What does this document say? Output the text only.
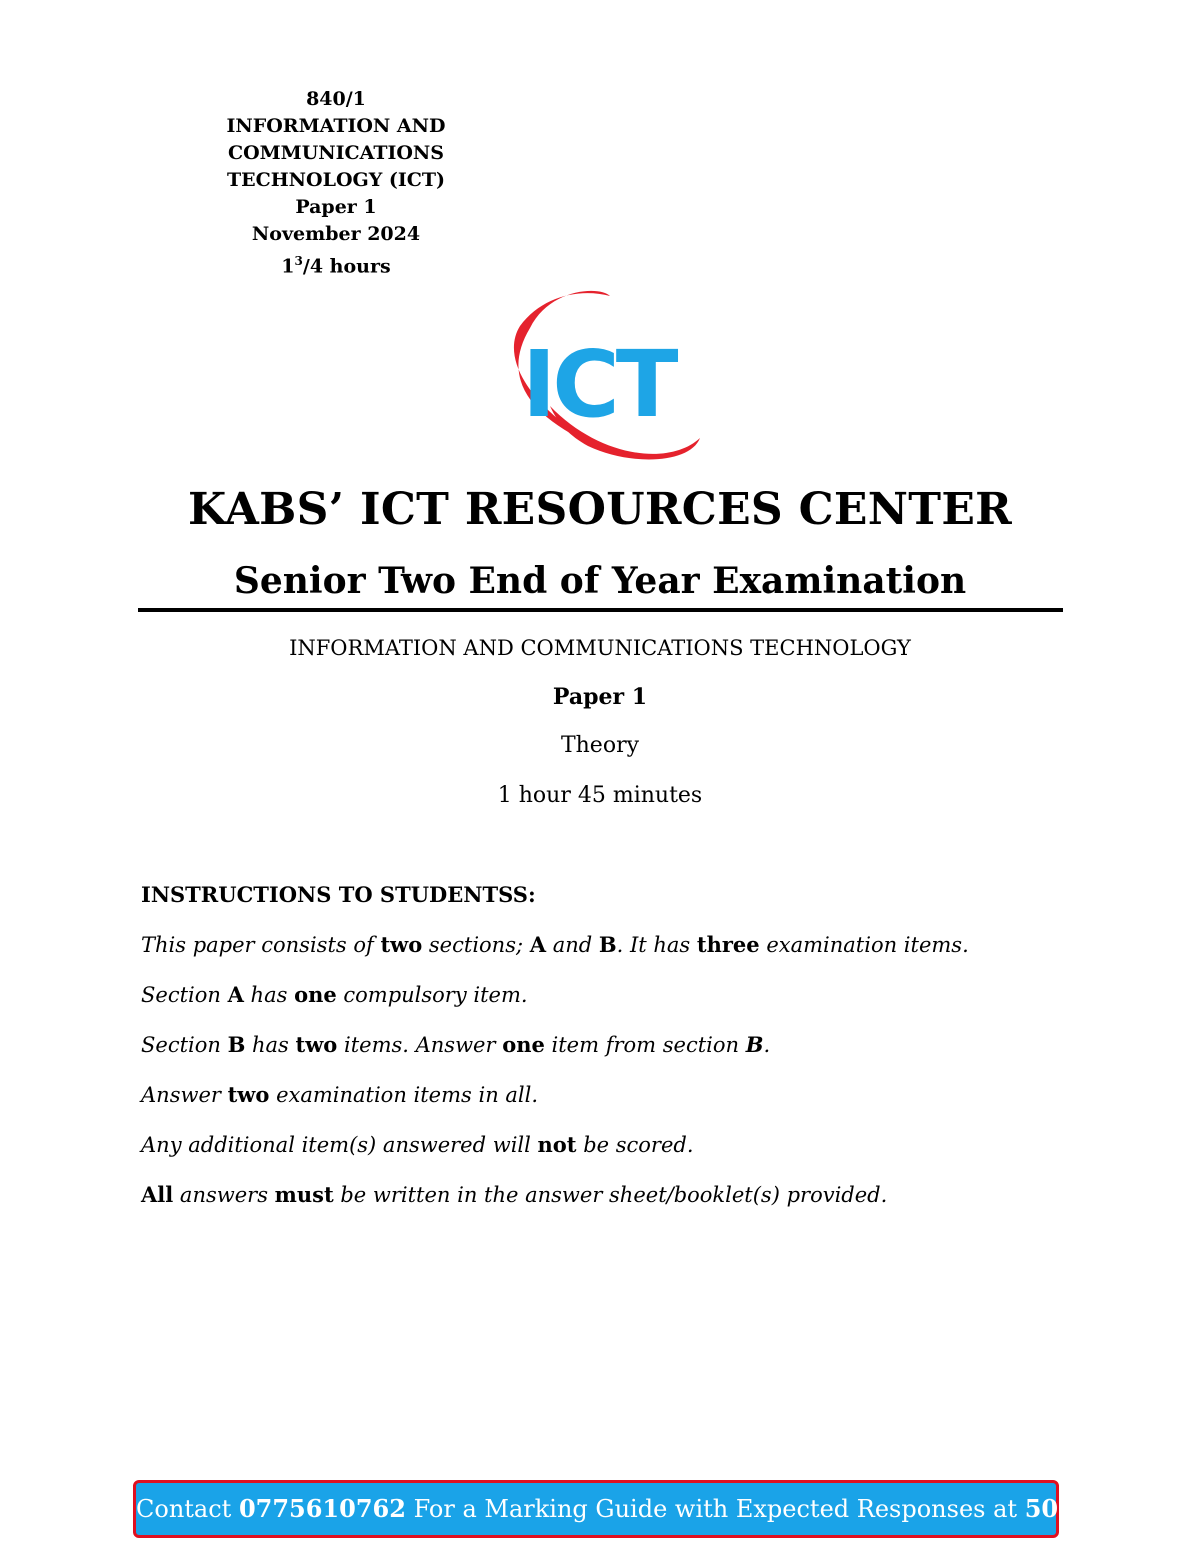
840/1
INFORMATION AND
COMMUNICATIONS
TECHNOLOGY (ICT)
Paper 1
November 2024
$1^3/4$ hours
ICT
KABS’ ICT RESOURCES CENTER
Senior Two End of Year Examination
INFORMATION AND COMMUNICATIONS TECHNOLOGY
Paper 1
Theory
1 hour 45 minutes
INSTRUCTIONS TO STUDENTSS:
This paper consists of two sections; A and B. It has three examination items.
Section A has one compulsory item.
Section B has two items. Answer one item from section B.
Answer two examination items in all.
Any additional item(s) answered will not be scored.
All answers must be written in the answer sheet/booklet(s) provided.
Contact 0775610762 For a Marking Guide with Expected Responses at 5000/=
